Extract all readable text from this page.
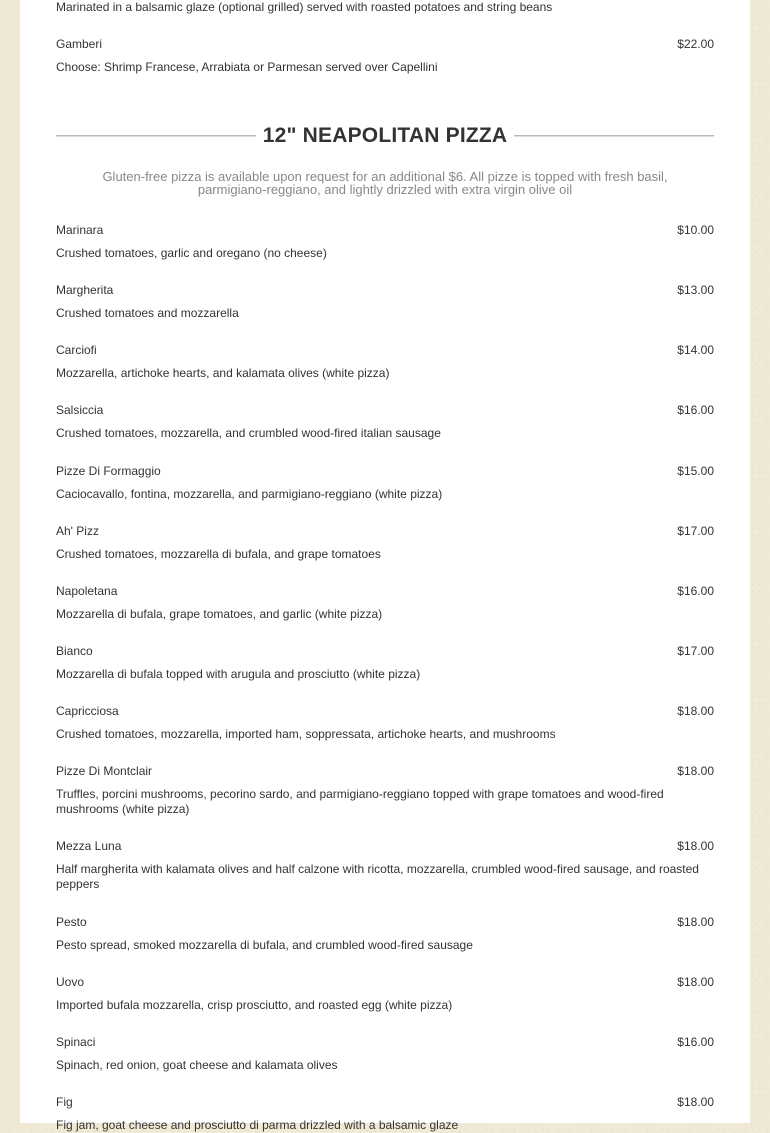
Marinated in a balsamic glaze (optional grilled) served with roasted potatoes and string beans
Gamberi	$22.00
Choose: Shrimp Francese, Arrabiata or Parmesan served over Capellini
12" NEAPOLITAN PIZZA
Gluten-free pizza is available upon request for an additional $6. All pizze is topped with fresh basil, parmigiano-reggiano, and lightly drizzled with extra virgin olive oil
Marinara	$10.00
Crushed tomatoes, garlic and oregano (no cheese)
Margherita	$13.00
Crushed tomatoes and mozzarella
Carciofi	$14.00
Mozzarella, artichoke hearts, and kalamata olives (white pizza)
Salsiccia	$16.00
Crushed tomatoes, mozzarella, and crumbled wood-fired italian sausage
Pizze Di Formaggio	$15.00
Caciocavallo, fontina, mozzarella, and parmigiano-reggiano (white pizza)
Ah' Pizz	$17.00
Crushed tomatoes, mozzarella di bufala, and grape tomatoes
Napoletana	$16.00
Mozzarella di bufala, grape tomatoes, and garlic (white pizza)
Bianco	$17.00
Mozzarella di bufala topped with arugula and prosciutto (white pizza)
Capricciosa	$18.00
Crushed tomatoes, mozzarella, imported ham, soppressata, artichoke hearts, and mushrooms
Pizze Di Montclair	$18.00
Truffles, porcini mushrooms, pecorino sardo, and parmigiano-reggiano topped with grape tomatoes and wood-fired mushrooms (white pizza)
Mezza Luna	$18.00
Half margherita with kalamata olives and half calzone with ricotta, mozzarella, crumbled wood-fired sausage, and roasted peppers
Pesto	$18.00
Pesto spread, smoked mozzarella di bufala, and crumbled wood-fired sausage
Uovo	$18.00
Imported bufala mozzarella, crisp prosciutto, and roasted egg (white pizza)
Spinaci	$16.00
Spinach, red onion, goat cheese and kalamata olives
Fig	$18.00
Fig jam, goat cheese and prosciutto di parma drizzled with a balsamic glaze
